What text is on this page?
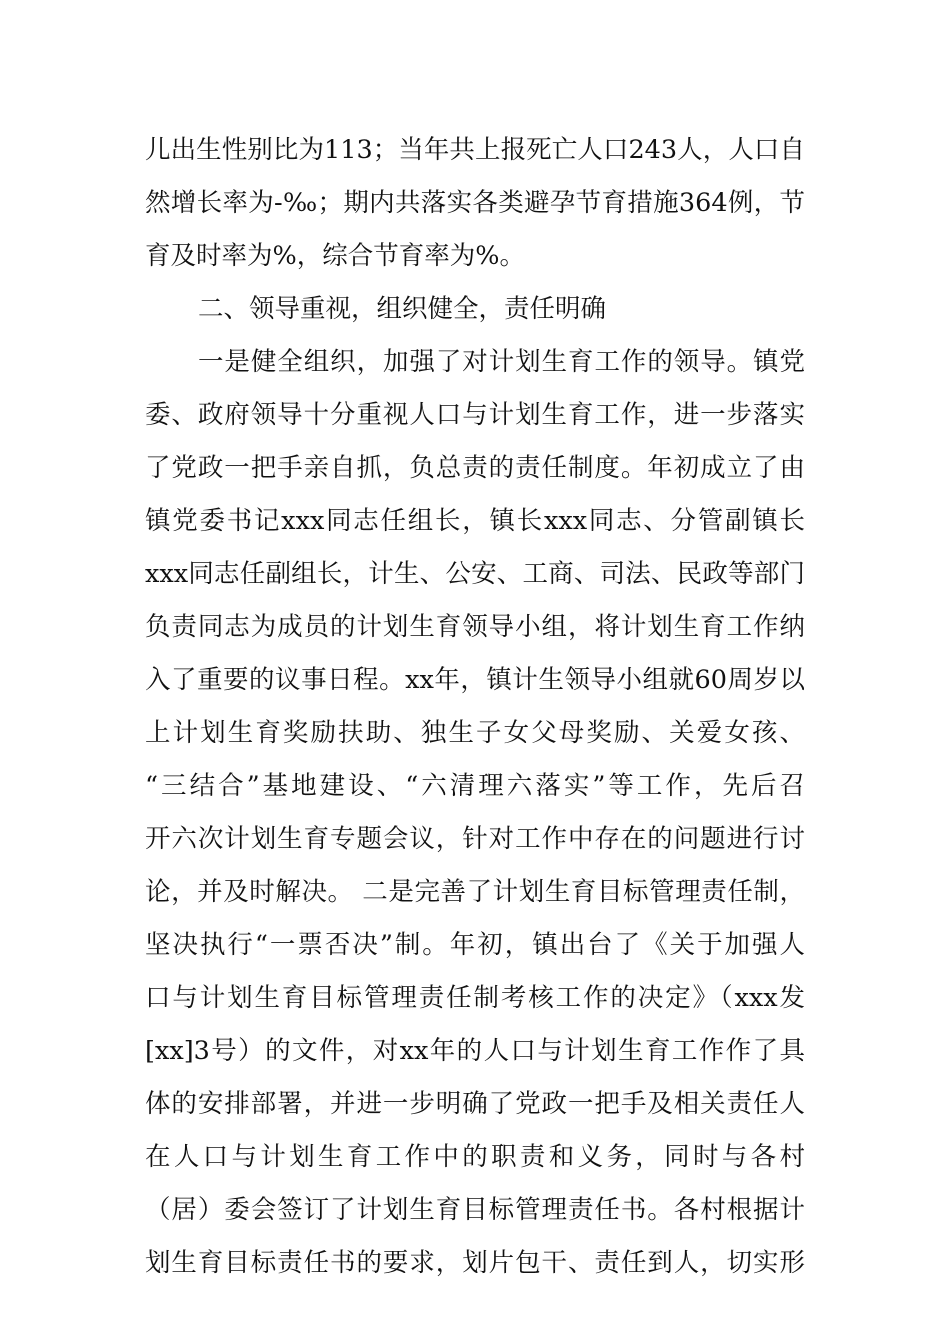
儿出生性别比为113；当年共上报死亡人口243人，人口自
然增长率为-‰；期内共落实各类避孕节育措施364例，节
育及时率为%，综合节育率为%。
二、领导重视，组织健全，责任明确
一是健全组织，加强了对计划生育工作的领导。镇党
委、政府领导十分重视人口与计划生育工作，进一步落实
了党政一把手亲自抓，负总责的责任制度。年初成立了由
镇党委书记xxx同志任组长，镇长xxx同志、分管副镇长
xxx同志任副组长，计生、公安、工商、司法、民政等部门
负责同志为成员的计划生育领导小组，将计划生育工作纳
入了重要的议事日程。xx年，镇计生领导小组就60周岁以
上计划生育奖励扶助、独生子女父母奖励、关爱女孩、
“三结合”基地建设、“六清理六落实”等工作，先后召
开六次计划生育专题会议，针对工作中存在的问题进行讨
论，并及时解决。 二是完善了计划生育目标管理责任制，
坚决执行“一票否决”制。年初，镇出台了《关于加强人
口与计划生育目标管理责任制考核工作的决定》（xxx发
[xx]3号）的文件，对xx年的人口与计划生育工作作了具
体的安排部署，并进一步明确了党政一把手及相关责任人
在人口与计划生育工作中的职责和义务，同时与各村
（居）委会签订了计划生育目标管理责任书。各村根据计
划生育目标责任书的要求，划片包干、责任到人，切实形
